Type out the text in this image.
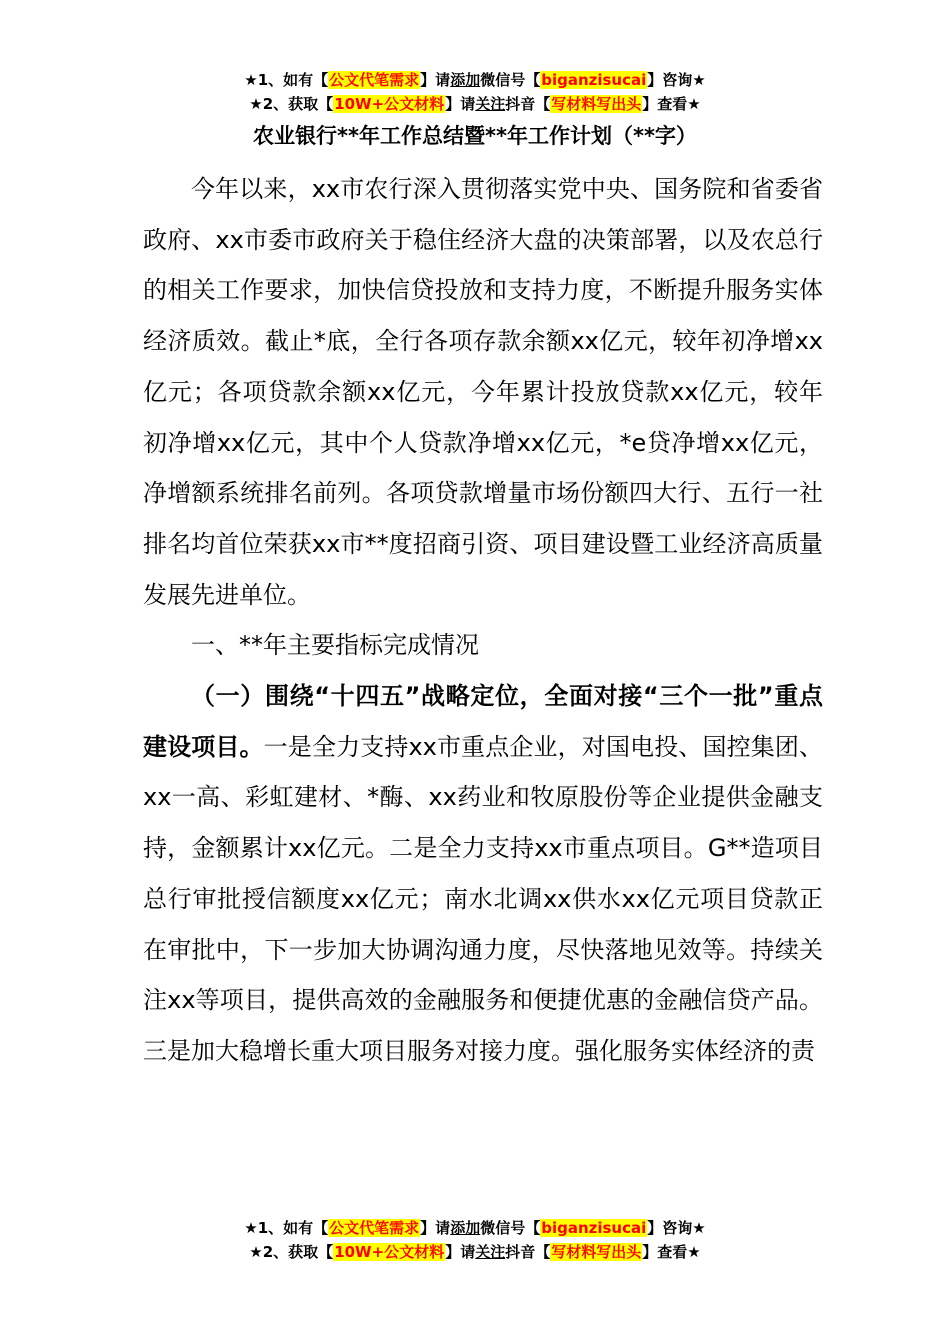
★1、如有【公文代笔需求】请添加微信号【biganzisucai】咨询★
★2、获取【10W+公文材料】请关注抖音【写材料写出头】查看★
农业银行**年工作总结暨**年工作计划（**字）

今年以来，xx市农行深入贯彻落实党中央、国务院和省委省政府、xx市委市政府关于稳住经济大盘的决策部署，以及农总行的相关工作要求，加快信贷投放和支持力度，不断提升服务实体经济质效。截止*底，全行各项存款余额xx亿元，较年初净增xx亿元；各项贷款余额xx亿元，今年累计投放贷款xx亿元，较年初净增xx亿元，其中个人贷款净增xx亿元，*e贷净增xx亿元，净增额系统排名前列。各项贷款增量市场份额四大行、五行一社排名均首位荣获xx市**度招商引资、项目建设暨工业经济高质量发展先进单位。

一、**年主要指标完成情况

（一）围绕“十四五”战略定位，全面对接“三个一批”重点建设项目。一是全力支持xx市重点企业，对国电投、国控集团、xx一高、彩虹建材、*酶、xx药业和牧原股份等企业提供金融支持，金额累计xx亿元。二是全力支持xx市重点项目。G**造项目总行审批授信额度xx亿元；南水北调xx供水xx亿元项目贷款正在审批中，下一步加大协调沟通力度，尽快落地见效等。持续关注xx等项目，提供高效的金融服务和便捷优惠的金融信贷产品。三是加大稳增长重大项目服务对接力度。强化服务实体经济的责

★1、如有【公文代笔需求】请添加微信号【biganzisucai】咨询★
★2、获取【10W+公文材料】请关注抖音【写材料写出头】查看★
